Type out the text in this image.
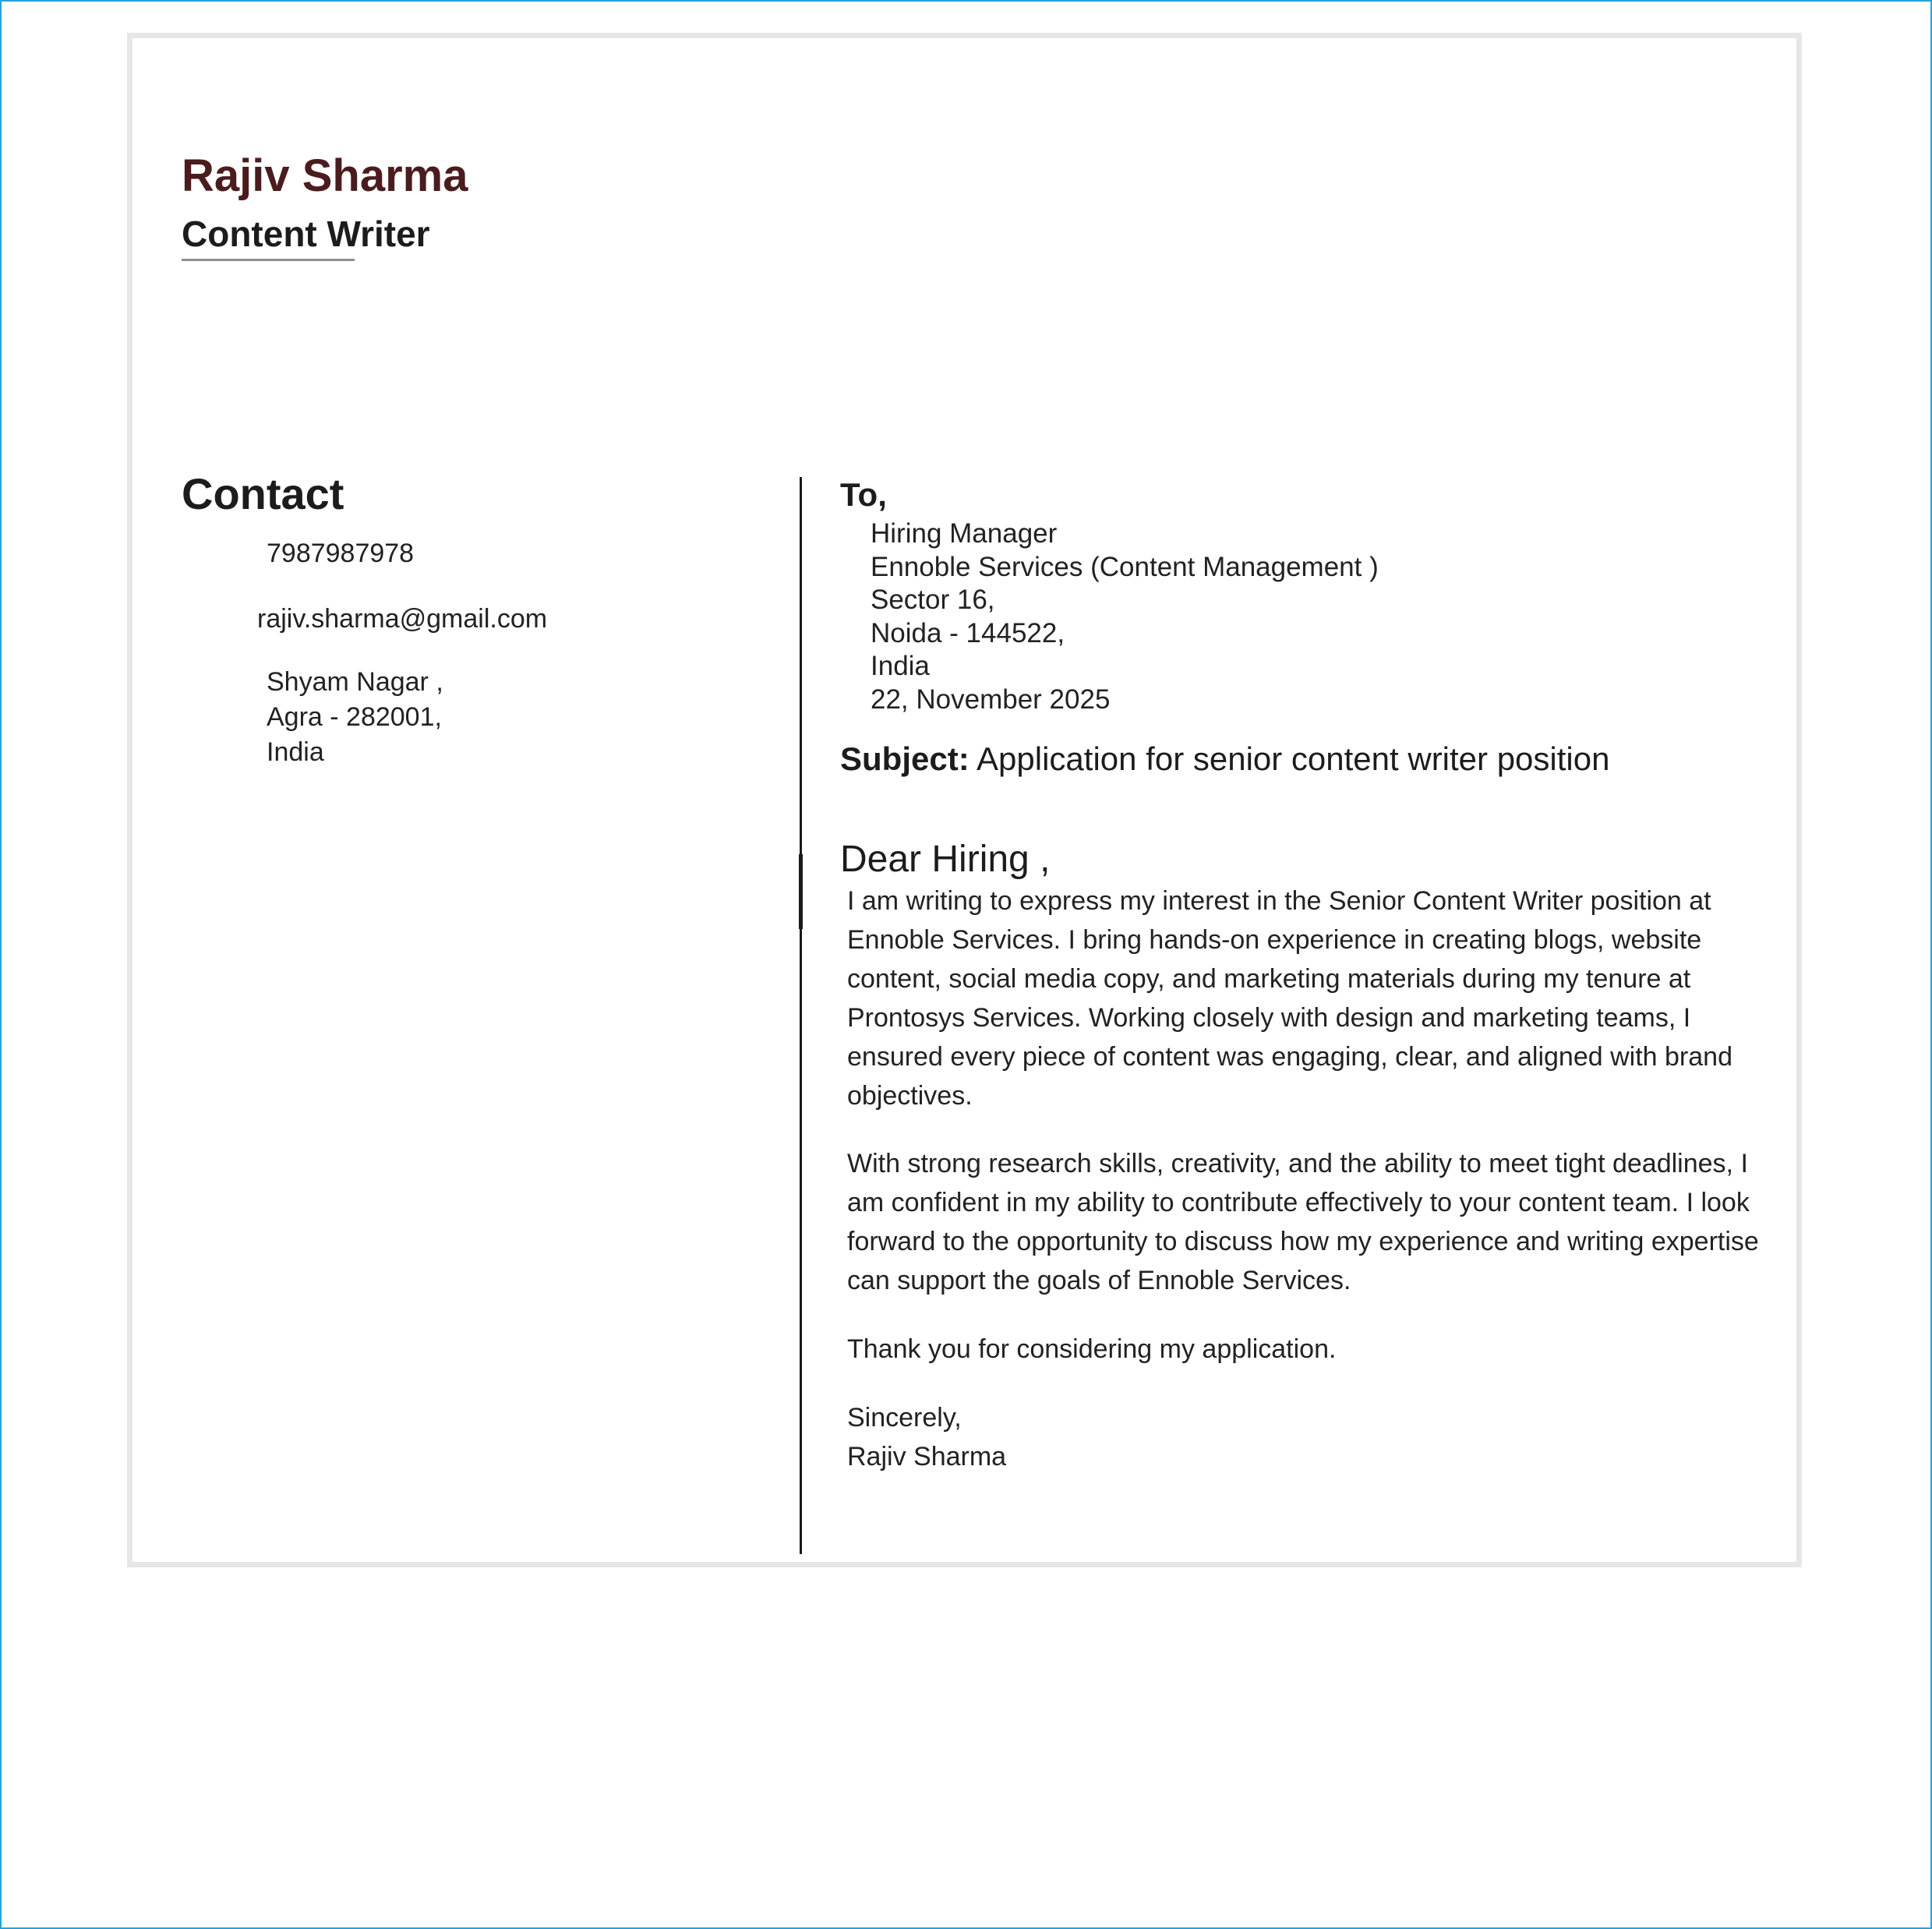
Rajiv Sharma
Content Writer
Contact
7987987978
rajiv.sharma@gmail.com
Shyam Nagar ,
Agra - 282001,
India
To,
Hiring Manager
Ennoble Services (Content Management )
Sector 16,
Noida - 144522,
India
22, November 2025
Subject: Application for senior content writer position
Dear Hiring ,

I am writing to express my interest in the Senior Content Writer position at Ennoble Services. I bring hands-on experience in creating blogs, website content, social media copy, and marketing materials during my tenure at Prontosys Services. Working closely with design and marketing teams, I ensured every piece of content was engaging, clear, and aligned with brand objectives.

With strong research skills, creativity, and the ability to meet tight deadlines, I am confident in my ability to contribute effectively to your content team. I look forward to the opportunity to discuss how my experience and writing expertise can support the goals of Ennoble Services.

Thank you for considering my application.

Sincerely,
Rajiv Sharma
